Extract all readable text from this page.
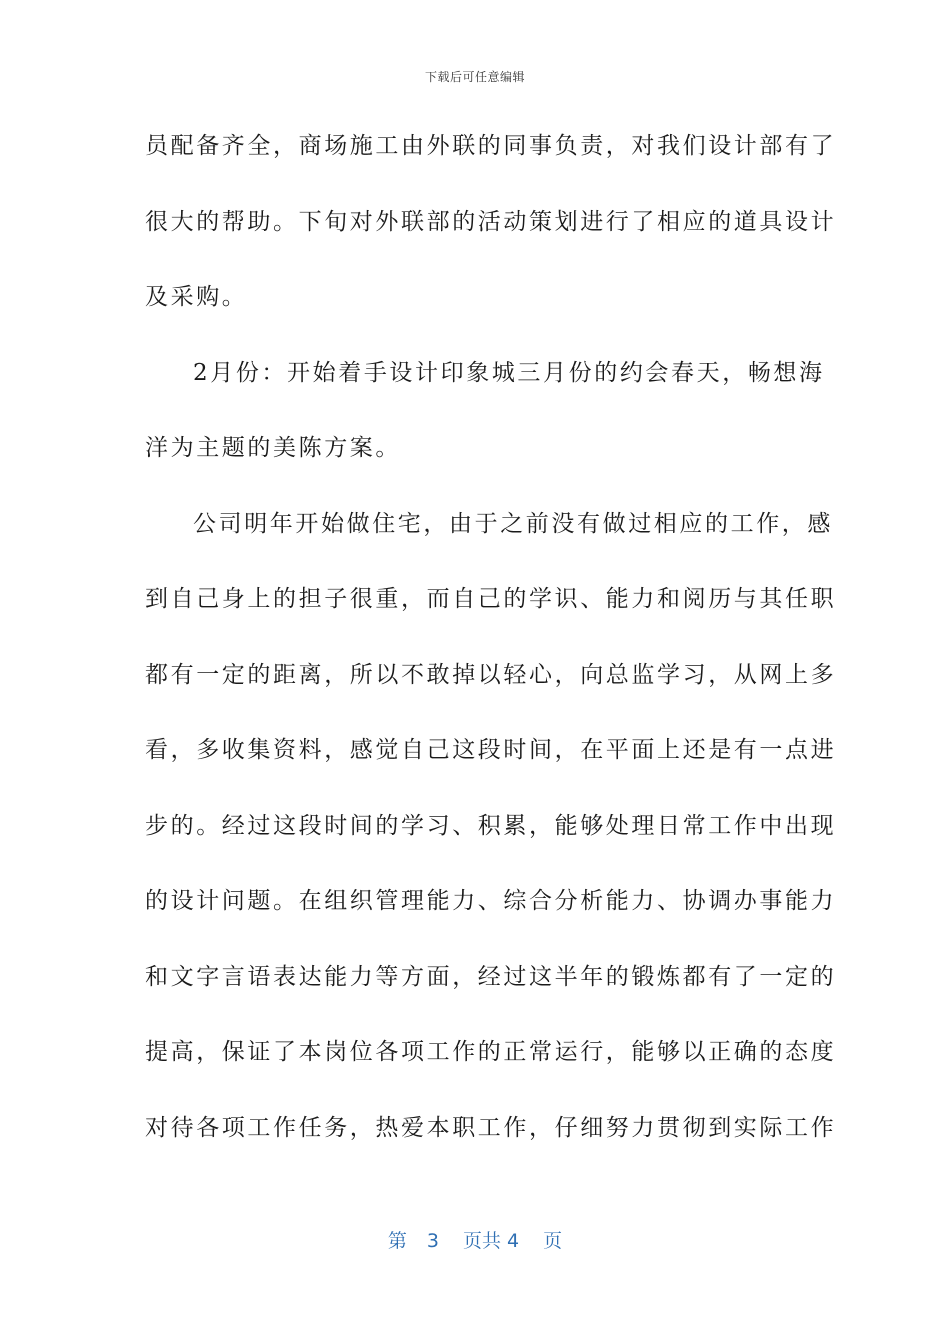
下载后可任意编辑
员配备齐全，商场施工由外联的同事负责，对我们设计部有了
很大的帮助。下旬对外联部的活动策划进行了相应的道具设计
及采购。
2月份：开始着手设计印象城三月份的约会春天，畅想海
洋为主题的美陈方案。
公司明年开始做住宅，由于之前没有做过相应的工作，感
到自己身上的担子很重，而自己的学识、能力和阅历与其任职
都有一定的距离，所以不敢掉以轻心，向总监学习，从网上多
看，多收集资料，感觉自己这段时间，在平面上还是有一点进
步的。经过这段时间的学习、积累，能够处理日常工作中出现
的设计问题。在组织管理能力、综合分析能力、协调办事能力
和文字言语表达能力等方面，经过这半年的锻炼都有了一定的
提高，保证了本岗位各项工作的正常运行，能够以正确的态度
对待各项工作任务，热爱本职工作，仔细努力贯彻到实际工作
第 3 页共 4 页
